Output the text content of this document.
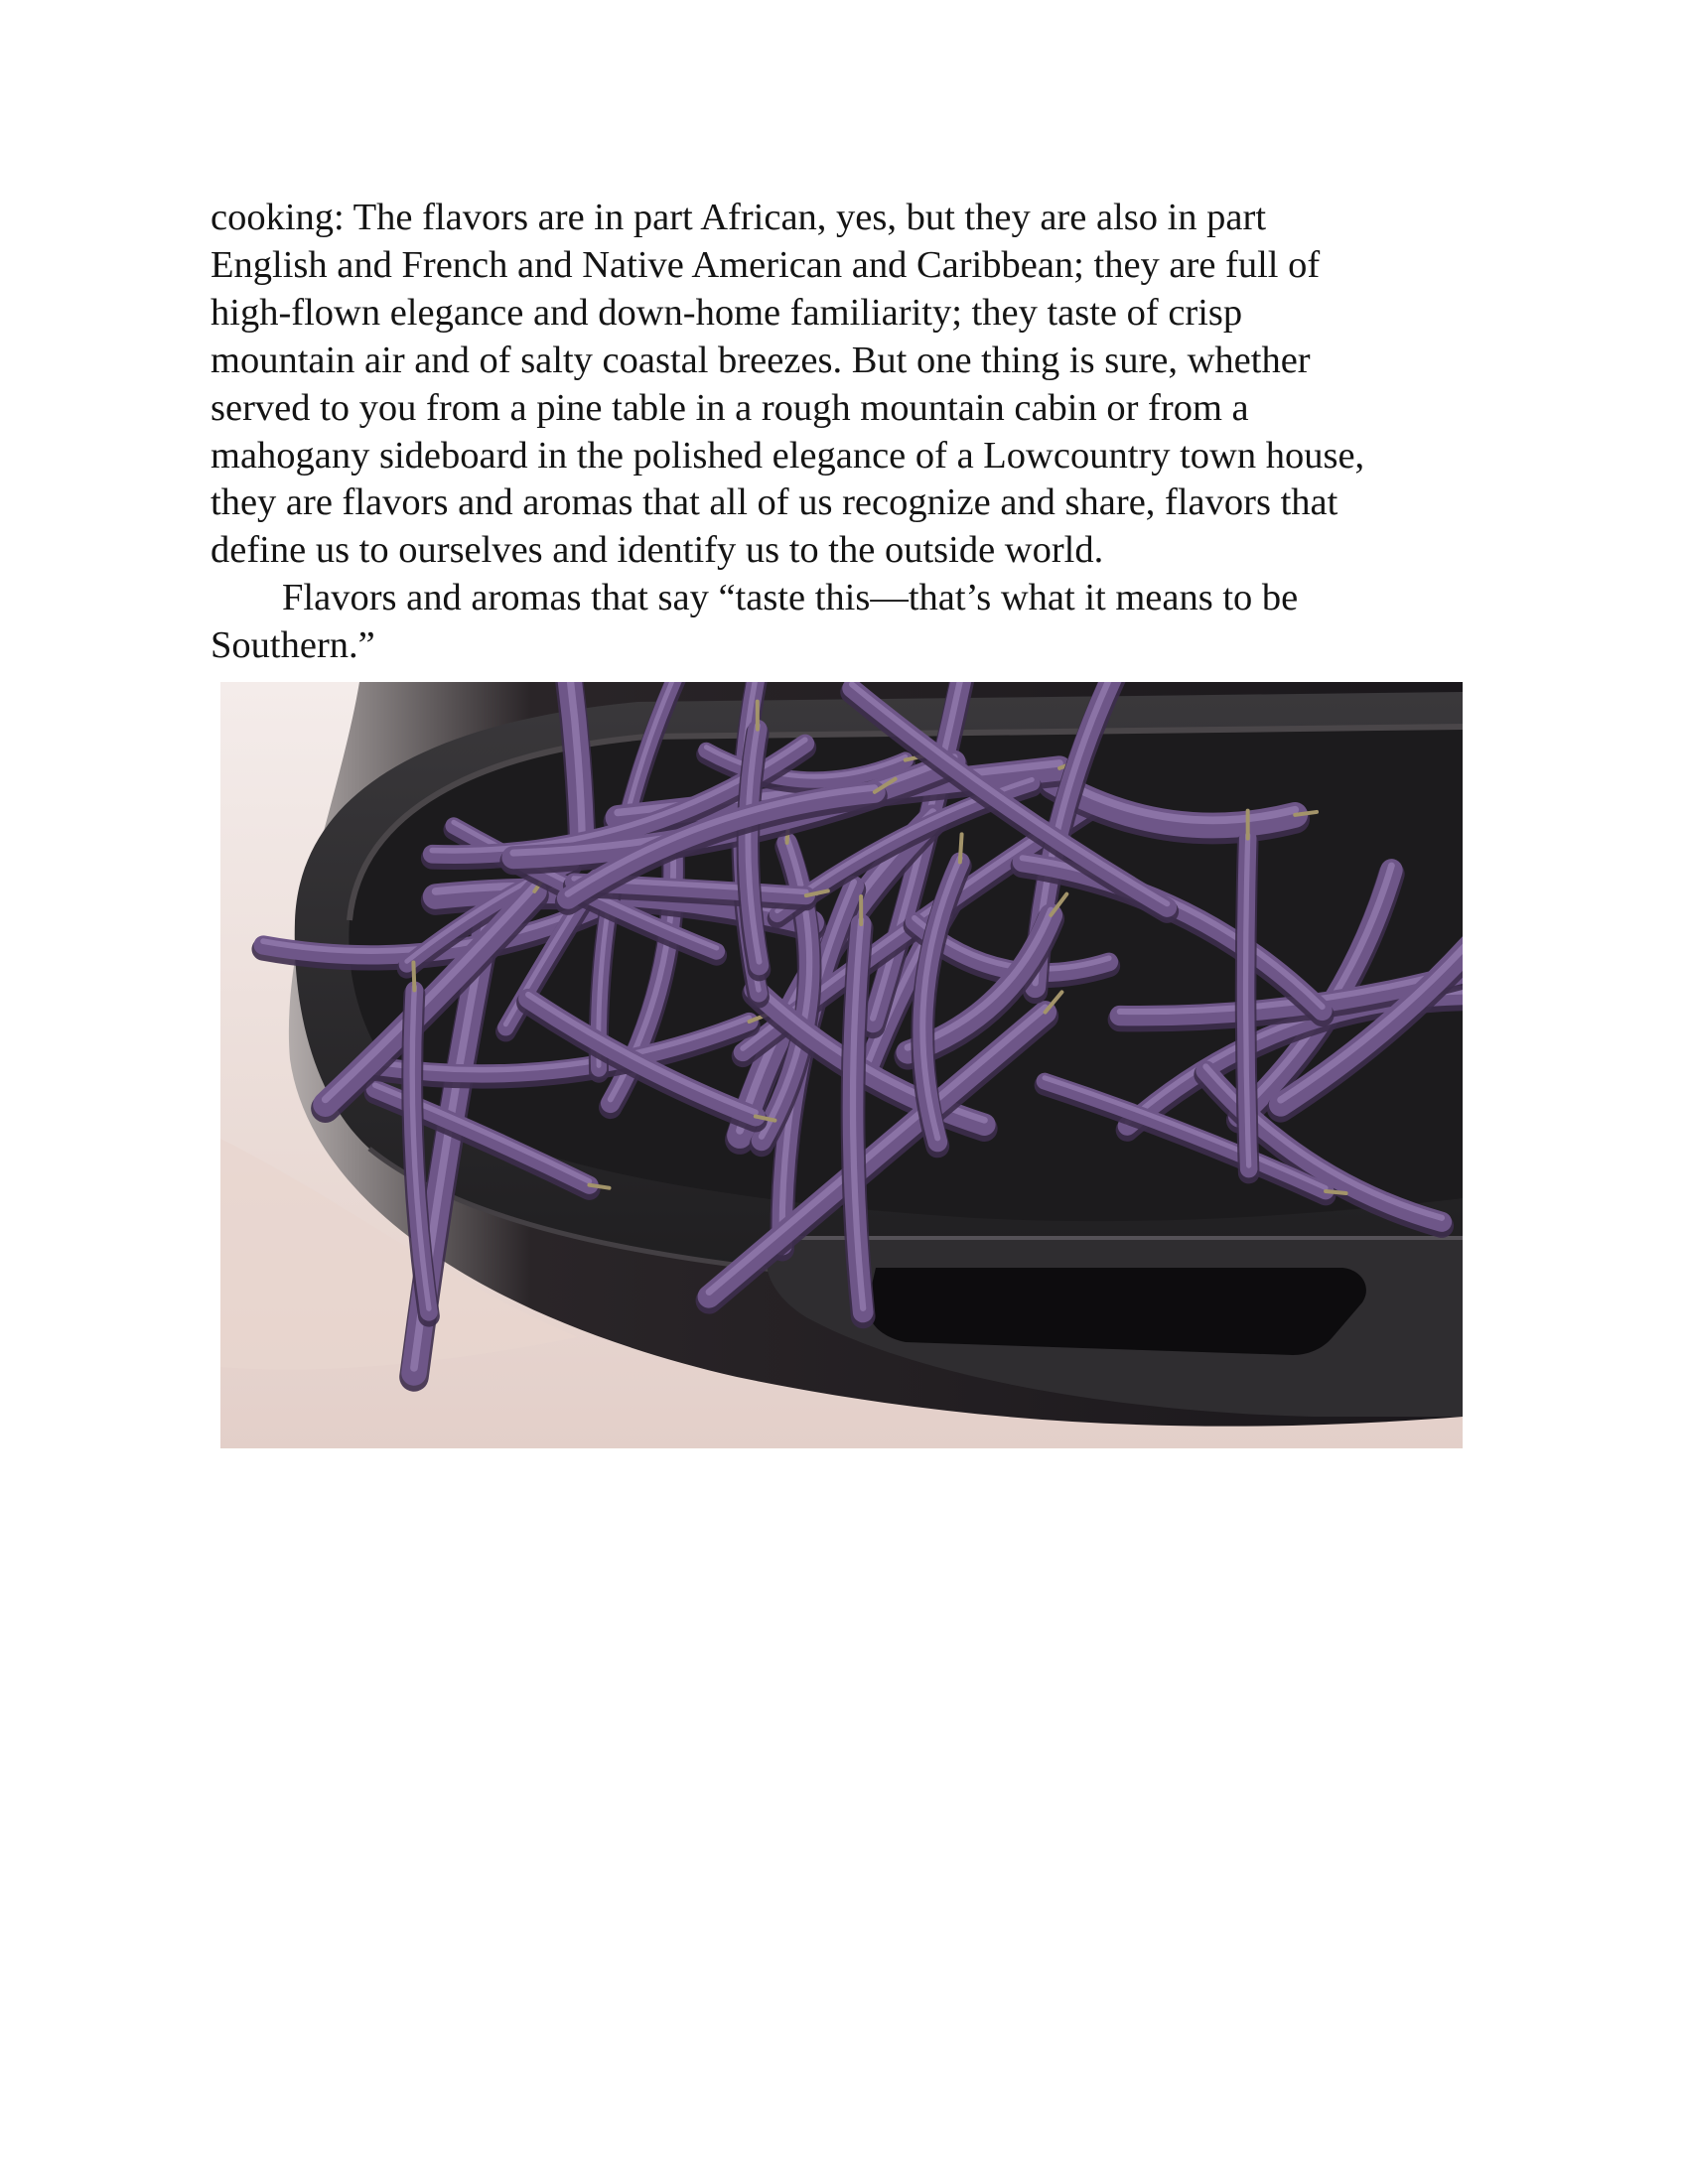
cooking: The flavors are in part African, yes, but they are also in part
English and French and Native American and Caribbean; they are full of
high-flown elegance and down-home familiarity; they taste of crisp
mountain air and of salty coastal breezes. But one thing is sure, whether
served to you from a pine table in a rough mountain cabin or from a
mahogany sideboard in the polished elegance of a Lowcountry town house,
they are flavors and aromas that all of us recognize and share, flavors that
define us to ourselves and identify us to the outside world.
Flavors and aromas that say “taste this—that’s what it means to be
Southern.”
